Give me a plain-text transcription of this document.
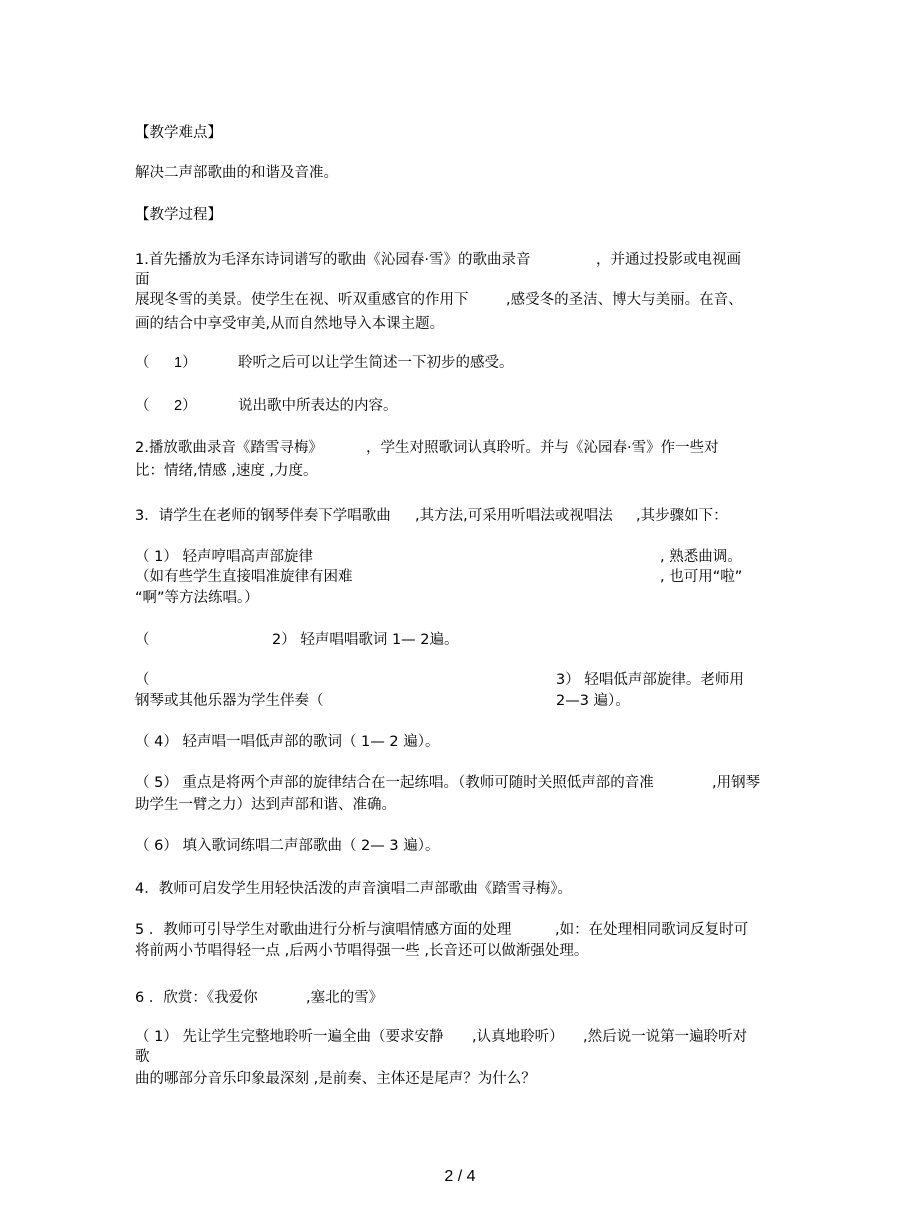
【教学难点】
解决二声部歌曲的和谐及音准。
【教学过程】
1.首先播放为毛泽东诗词谱写的歌曲《沁园春·雪》的歌曲录音	，并通过投影或电视画
面
展现冬雪的美景。使学生在视、听双重感官的作用下	,感受冬的圣洁、博大与美丽。在音、
画的结合中享受审美,从而自然地导入本课主题。
（ 1）	聆听之后可以让学生简述一下初步的感受。
（ 2）	说出歌中所表达的内容。
2.播放歌曲录音《踏雪寻梅》	，学生对照歌词认真聆听。并与《沁园春·雪》作一些对
比：情绪,情感 ,速度 ,力度。
3．请学生在老师的钢琴伴奏下学唱歌曲 ,其方法,可采用听唱法或视唱法 ,其步骤如下：
（ 1） 轻声哼唱高声部旋律	, 熟悉曲调。
（如有些学生直接唱准旋律有困难	, 也可用“啦”
“啊”等方法练唱。）
（	2） 轻声唱唱歌词 1— 2遍。
（	3） 轻唱低声部旋律。老师用
钢琴或其他乐器为学生伴奏（	2—3 遍）。
（ 4） 轻声唱一唱低声部的歌词（ 1— 2 遍）。
（ 5） 重点是将两个声部的旋律结合在一起练唱。（教师可随时关照低声部的音准	,用钢琴
助学生一臂之力）达到声部和谐、准确。
（ 6） 填入歌词练唱二声部歌曲（ 2— 3 遍）。
4．教师可启发学生用轻快活泼的声音演唱二声部歌曲《踏雪寻梅》。
5 ．教师可引导学生对歌曲进行分析与演唱情感方面的处理	,如：在处理相同歌词反复时可
将前两小节唱得轻一点 ,后两小节唱得强一些 ,长音还可以做渐强处理。
6 ．欣赏：《我爱你	,塞北的雪》
（ 1） 先让学生完整地聆听一遍全曲（要求安静 ,认真地聆听） ,然后说一说第一遍聆听对
歌
曲的哪部分音乐印象最深刻 ,是前奏、主体还是尾声？为什么？
2 / 4
